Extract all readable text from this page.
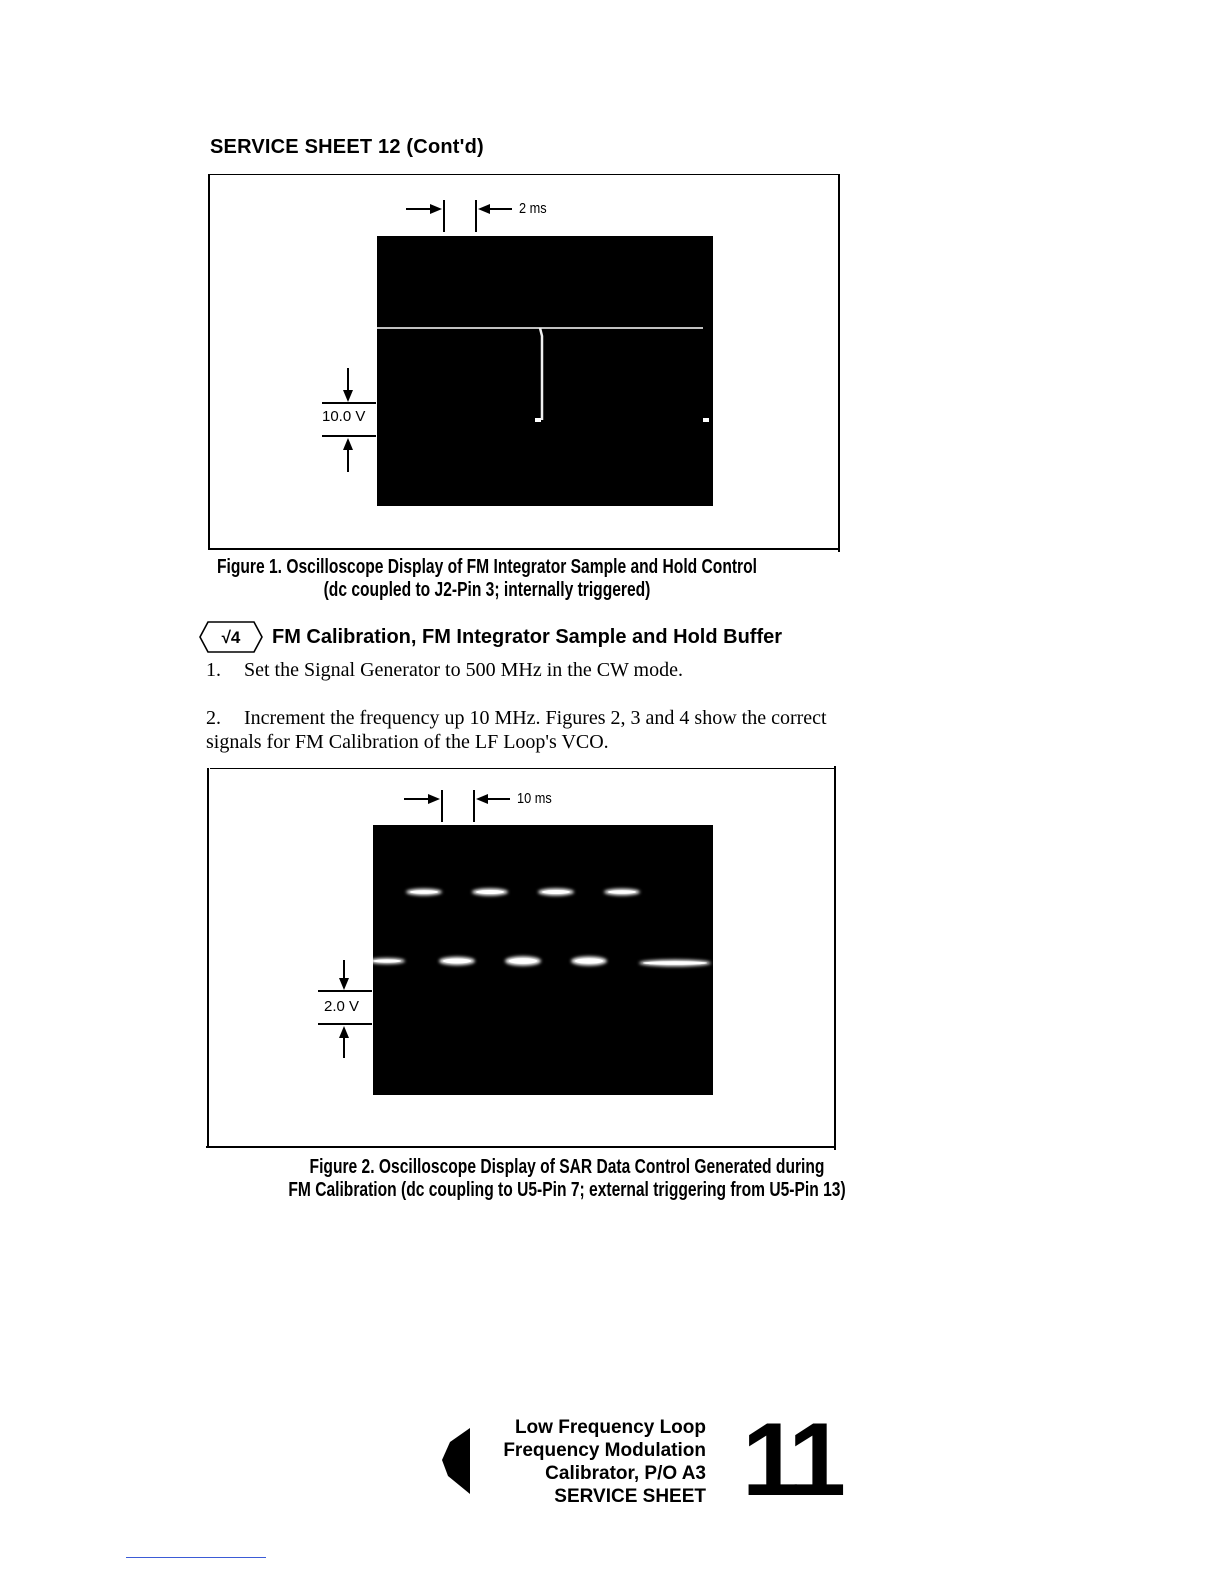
SERVICE SHEET 12 (Cont'd)
2 ms
10.0 V
Figure 1. Oscilloscope Display of FM Integrator Sample and Hold Control
(dc coupled to J2-Pin 3; internally triggered)
√4 FM Calibration, FM Integrator Sample and Hold Buffer
1. Set the Signal Generator to 500 MHz in the CW mode.
2. Increment the frequency up 10 MHz. Figures 2, 3 and 4 show the correct signals for FM Calibration of the LF Loop's VCO.
10 ms
2.0 V
Figure 2. Oscilloscope Display of SAR Data Control Generated during
FM Calibration (dc coupling to U5-Pin 7; external triggering from U5-Pin 13)
Low Frequency Loop
Frequency Modulation
Calibrator, P/O A3
SERVICE SHEET 11
